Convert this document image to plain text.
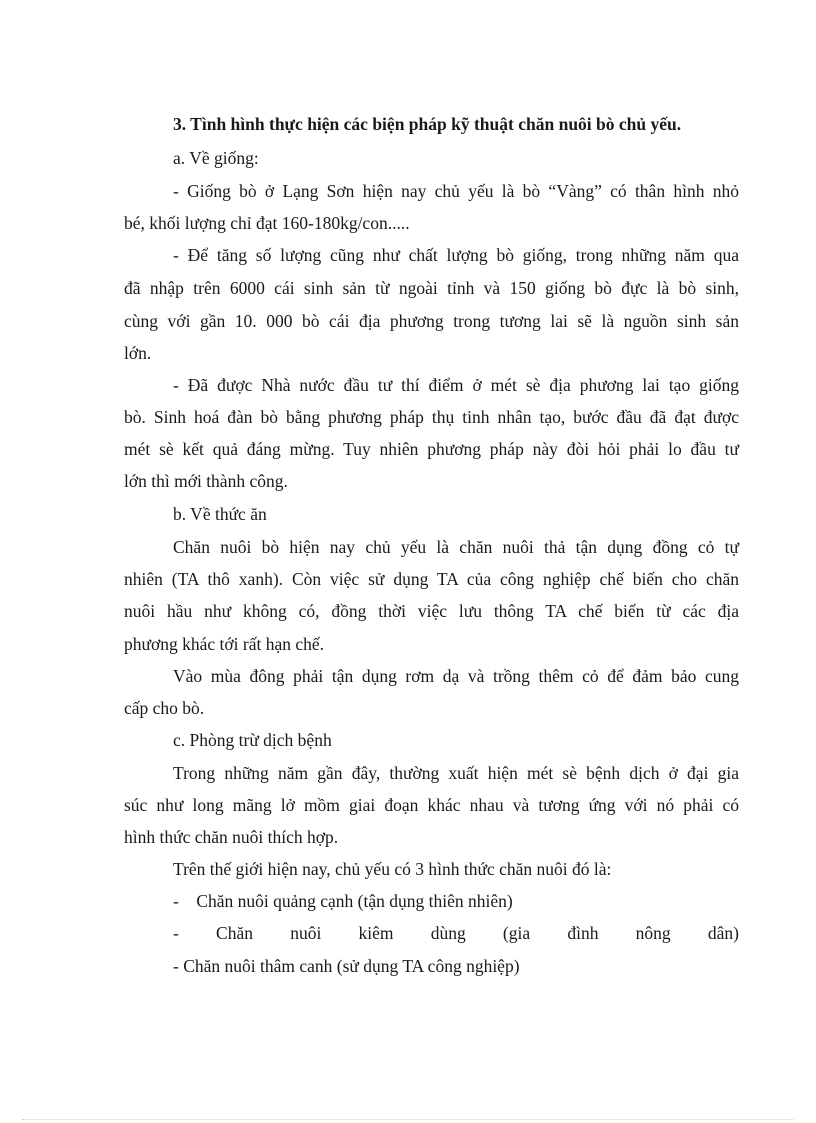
3. Tình hình thực hiện các biện pháp kỹ thuật chăn nuôi bò chủ yếu.
a. Về giống:
- Giống bò ở Lạng Sơn hiện nay chủ yếu là bò “Vàng” có thân hình nhỏ
bé, khối lượng chỉ đạt 160-180kg/con.....
- Để tăng số lượng cũng như chất lượng bò giống, trong những năm qua
đã nhập trên 6000 cái sinh sản từ ngoài tỉnh và 150 giống bò đực là bò sinh,
cùng với gần 10. 000 bò cái địa phương trong tương lai sẽ là nguồn sinh sản
lớn.
- Đã được Nhà nước đầu tư thí điểm ở mét sè địa phương lai tạo giống
bò. Sinh hoá đàn bò bằng phương pháp thụ tinh nhân tạo, bước đầu đã đạt được
mét sè kết quả đáng mừng. Tuy nhiên phương pháp này đòi hỏi phải lo đầu tư
lớn thì mới thành công.
b. Về thức ăn
Chăn nuôi bò hiện nay chủ yếu là chăn nuôi thả tận dụng đồng cỏ tự
nhiên (TA thô xanh). Còn việc sử dụng TA của công nghiệp chế biến cho chăn
nuôi hầu như không có, đồng thời việc lưu thông TA chế biến từ các địa
phương khác tới rất hạn chế.
Vào mùa đông phải tận dụng rơm dạ và trồng thêm cỏ để đảm bảo cung
cấp cho bò.
c. Phòng trừ dịch bệnh
Trong những năm gần đây, thường xuất hiện mét sè bệnh dịch ở đại gia
súc như long mãng lở mồm giai đoạn khác nhau và tương ứng với nó phải có
hình thức chăn nuôi thích hợp.
Trên thế giới hiện nay, chủ yếu có 3 hình thức chăn nuôi đó là:
-    Chăn nuôi quảng cạnh (tận dụng thiên nhiên)
- Chăn nuôi kiêm dùng (gia đình nông dân)
- Chăn nuôi thâm canh (sử dụng TA công nghiệp)
